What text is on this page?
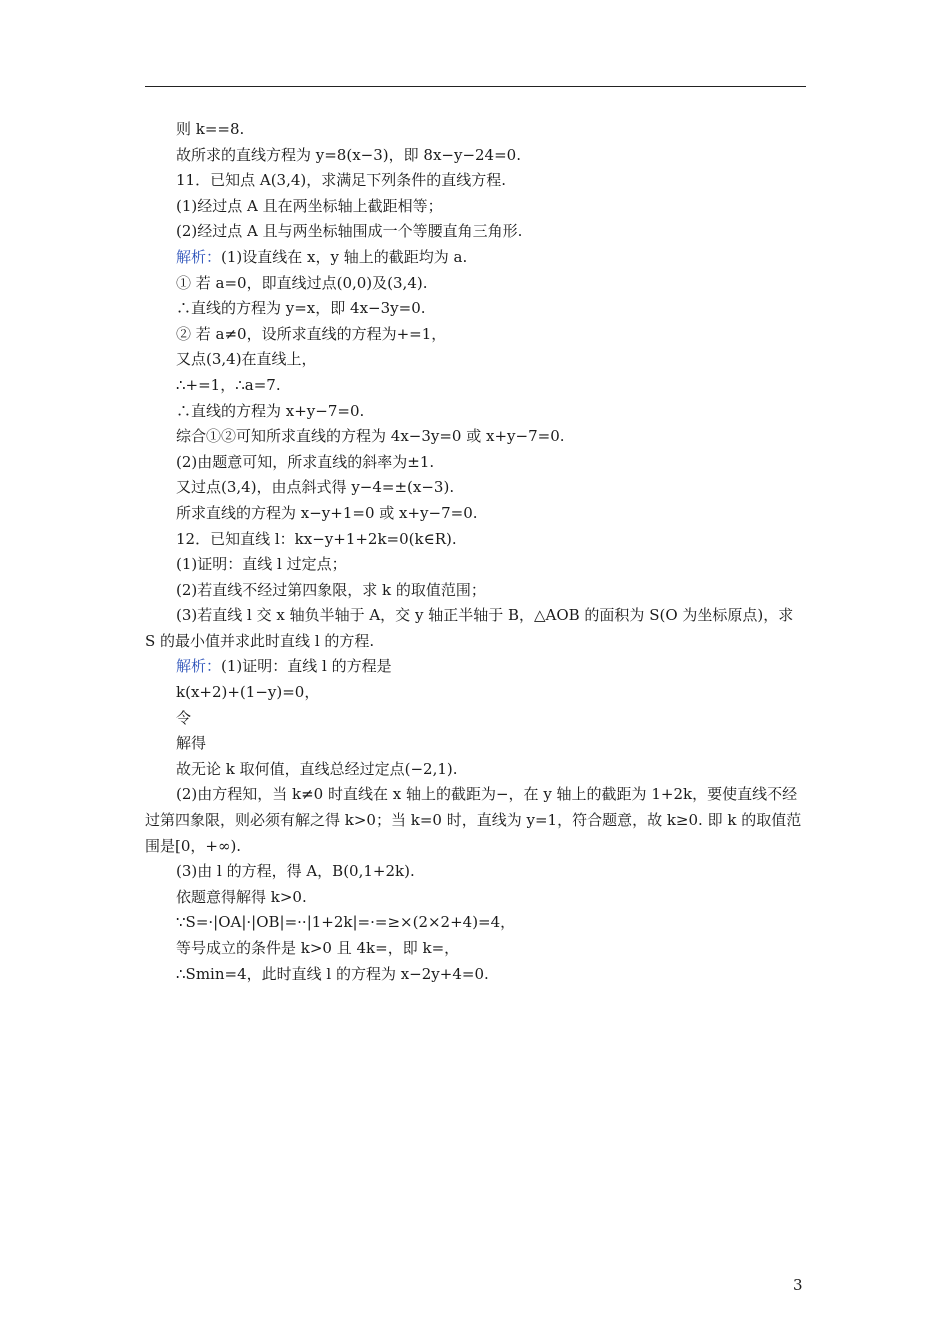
则 k==8.
故所求的直线方程为 y=8(x−3)，即 8x−y−24=0.
11．已知点 A(3,4)，求满足下列条件的直线方程.
(1)经过点 A 且在两坐标轴上截距相等；
(2)经过点 A 且与两坐标轴围成一个等腰直角三角形.
解析：(1)设直线在 x，y 轴上的截距均为 a.
① 若 a=0，即直线过点(0,0)及(3,4).
∴直线的方程为 y=x，即 4x−3y=0.
② 若 a≠0，设所求直线的方程为+=1，
又点(3,4)在直线上，
∴+=1，∴a=7.
∴直线的方程为 x+y−7=0.
综合①②可知所求直线的方程为 4x−3y=0 或 x+y−7=0.
(2)由题意可知，所求直线的斜率为±1.
又过点(3,4)，由点斜式得 y−4=±(x−3).
所求直线的方程为 x−y+1=0 或 x+y−7=0.
12．已知直线 l：kx−y+1+2k=0(k∈R).
(1)证明：直线 l 过定点；
(2)若直线不经过第四象限，求 k 的取值范围；
(3)若直线 l 交 x 轴负半轴于 A，交 y 轴正半轴于 B，△AOB 的面积为 S(O 为坐标原点)，求 S 的最小值并求此时直线 l 的方程.
解析：(1)证明：直线 l 的方程是
k(x+2)+(1−y)=0，
令
解得
故无论 k 取何值，直线总经过定点(−2,1).
(2)由方程知，当 k≠0 时直线在 x 轴上的截距为−，在 y 轴上的截距为 1+2k，要使直线不经过第四象限，则必须有解之得 k>0；当 k=0 时，直线为 y=1，符合题意，故 k≥0. 即 k 的取值范围是[0，+∞).
(3)由 l 的方程，得 A，B(0,1+2k).
依题意得解得 k>0.
∵S=·|OA|·|OB|=··|1+2k|=·=≥×(2×2+4)=4，
等号成立的条件是 k>0 且 4k=，即 k=，
∴Smin=4，此时直线 l 的方程为 x−2y+4=0.
3
